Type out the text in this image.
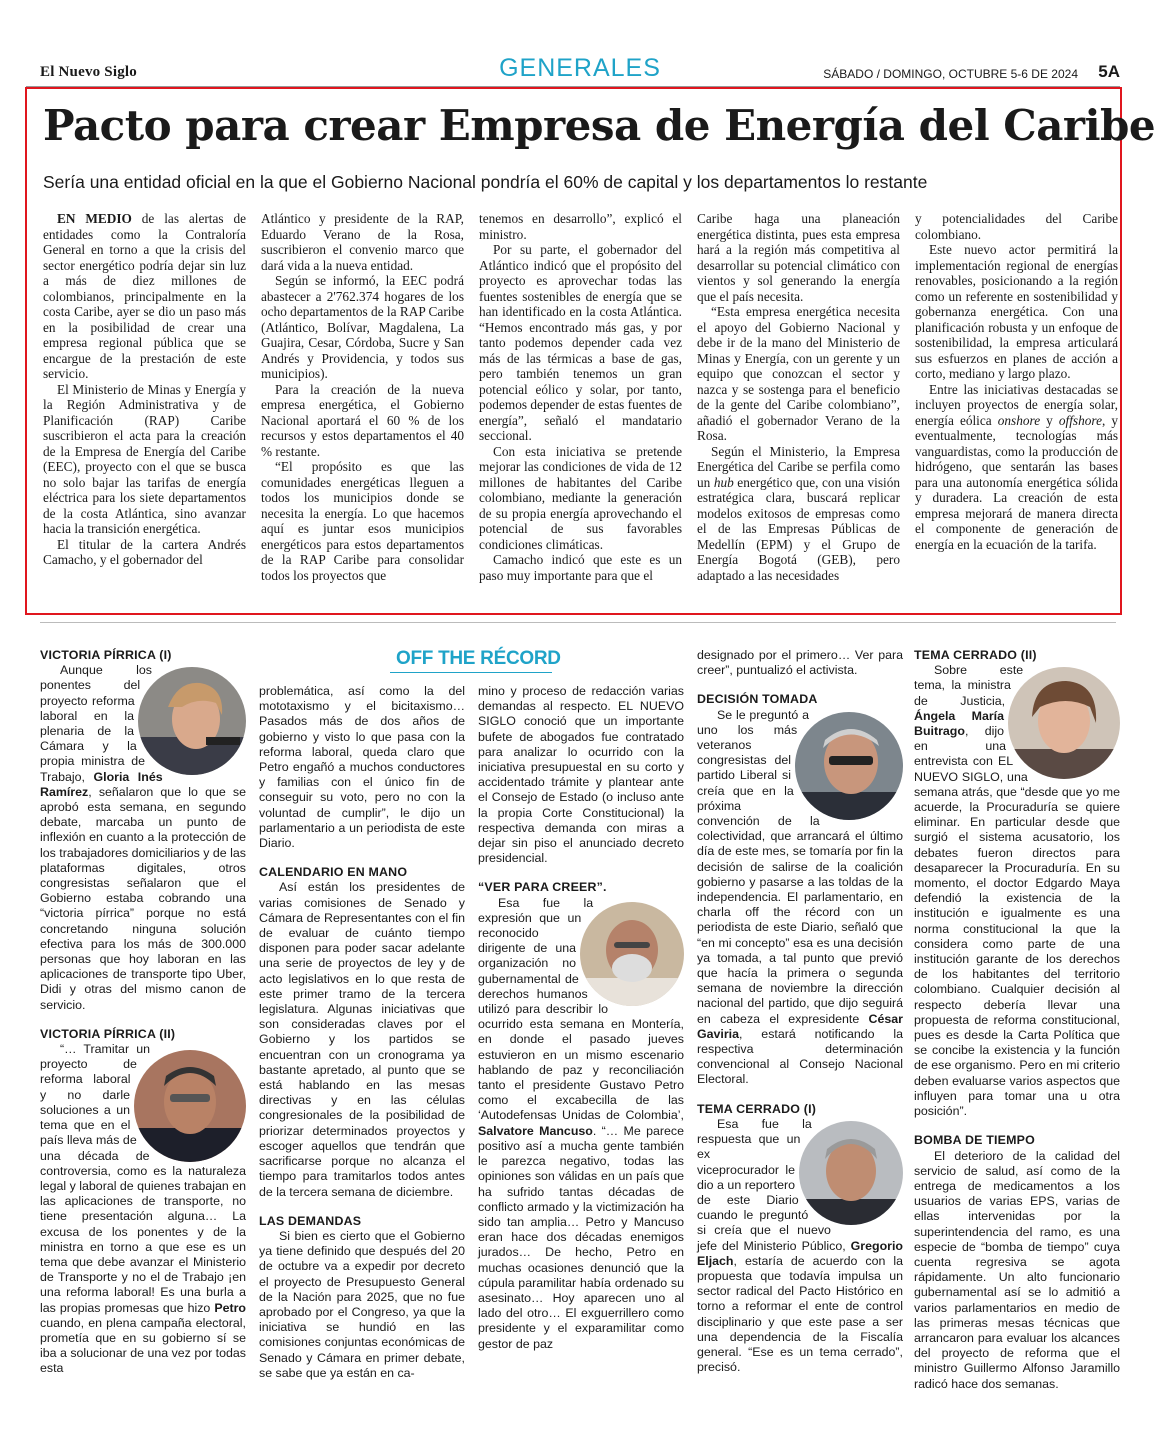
El Nuevo Siglo	GENERALES	SÁBADO / DOMINGO, OCTUBRE 5-6 DE 2024 5A
Pacto para crear Empresa de Energía del Caribe
Sería una entidad oficial en la que el Gobierno Nacional pondría el 60% de capital y los departamentos lo restante

EN MEDIO de las alertas de entidades como la Contraloría General en torno a que la crisis del sector energético podría dejar sin luz a más de diez millones de colombianos, principalmente en la costa Caribe, ayer se dio un paso más en la posibilidad de crear una empresa regional pública que se encargue de la prestación de este servicio.

El Ministerio de Minas y Energía y la Región Administrativa y de Planificación (RAP) Caribe suscribieron el acta para la creación de la Empresa de Energía del Caribe (EEC), proyecto con el que se busca no solo bajar las tarifas de energía eléctrica para los siete departamentos de la costa Atlántica, sino avanzar hacia la transición energética.

El titular de la cartera Andrés Camacho, y el gobernador del

Atlántico y presidente de la RAP, Eduardo Verano de la Rosa, suscribieron el convenio marco que dará vida a la nueva entidad.

Según se informó, la EEC podrá abastecer a 2'762.374 hogares de los ocho departamentos de la RAP Caribe (Atlántico, Bolívar, Magdalena, La Guajira, Cesar, Córdoba, Sucre y San Andrés y Providencia, y todos sus municipios).

Para la creación de la nueva empresa energética, el Gobierno Nacional aportará el 60 % de los recursos y estos departamentos el 40 % restante.

“El propósito es que las comunidades energéticas lleguen a todos los municipios donde se necesita la energía. Lo que hacemos aquí es juntar esos municipios energéticos para estos departamentos de la RAP Caribe para consolidar todos los proyectos que

tenemos en desarrollo”, explicó el ministro.

Por su parte, el gobernador del Atlántico indicó que el propósito del proyecto es aprovechar todas las fuentes sostenibles de energía que se han identificado en la costa Atlántica. “Hemos encontrado más gas, y por tanto podemos depender cada vez más de las térmicas a base de gas, pero también tenemos un gran potencial eólico y solar, por tanto, podemos depender de estas fuentes de energía”, señaló el mandatario seccional.

Con esta iniciativa se pretende mejorar las condiciones de vida de 12 millones de habitantes del Caribe colombiano, mediante la generación de su propia energía aprovechando el potencial de sus favorables condiciones climáticas.

Camacho indicó que este es un paso muy importante para que el

Caribe haga una planeación energética distinta, pues esta empresa hará a la región más competitiva al desarrollar su potencial climático con vientos y sol generando la energía que el país necesita.

“Esta empresa energética necesita el apoyo del Gobierno Nacional y debe ir de la mano del Ministerio de Minas y Energía, con un gerente y un equipo que conozcan el sector y nazca y se sostenga para el beneficio de la gente del Caribe colombiano”, añadió el gobernador Verano de la Rosa.

Según el Ministerio, la Empresa Energética del Caribe se perfila como un hub energético que, con una visión estratégica clara, buscará replicar modelos exitosos de empresas como el de las Empresas Públicas de Medellín (EPM) y el Grupo de Energía Bogotá (GEB), pero adaptado a las necesidades

y potencialidades del Caribe colombiano.

Este nuevo actor permitirá la implementación regional de energías renovables, posicionando a la región como un referente en sostenibilidad y gobernanza energética. Con una planificación robusta y un enfoque de sostenibilidad, la empresa articulará sus esfuerzos en planes de acción a corto, mediano y largo plazo.

Entre las iniciativas destacadas se incluyen proyectos de energía solar, energía eólica onshore y offshore, y eventualmente, tecnologías más vanguardistas, como la producción de hidrógeno, que sentarán las bases para una autonomía energética sólida y duradera. La creación de esta empresa mejorará de manera directa el componente de generación de energía en la ecuación de la tarifa.

OFF THE RÉCORD

VICTORIA PÍRRICA (I)

Aunque los ponentes del proyecto reforma laboral en la plenaria de la Cámara y la propia ministra de Trabajo, Gloria Inés Ramírez, señalaron que lo que se aprobó esta semana, en segundo debate, marcaba un punto de inflexión en cuanto a la protección de los trabajadores domiciliarios y de las plataformas digitales, otros congresistas señalaron que el Gobierno estaba cobrando una “victoria pírrica” porque no está concretando ninguna solución efectiva para los más de 300.000 personas que hoy laboran en las aplicaciones de transporte tipo Uber, Didi y otras del mismo canon de servicio.

VICTORIA PÍRRICA (II)

“… Tramitar un proyecto de reforma laboral y no darle soluciones a un tema que en el país lleva más de una década de controversia, como es la naturaleza legal y laboral de quienes trabajan en las aplicaciones de transporte, no tiene presentación alguna… La excusa de los ponentes y de la ministra en torno a que ese es un tema que debe avanzar el Ministerio de Transporte y no el de Trabajo ¡en una reforma laboral! Es una burla a las propias promesas que hizo Petro cuando, en plena campaña electoral, prometía que en su gobierno sí se iba a solucionar de una vez por todas esta

problemática, así como la del mototaxismo y el bicitaxismo… Pasados más de dos años de gobierno y visto lo que pasa con la reforma laboral, queda claro que Petro engañó a muchos conductores y familias con el único fin de conseguir su voto, pero no con la voluntad de cumplir”, le dijo un parlamentario a un periodista de este Diario.

CALENDARIO EN MANO

Así están los presidentes de varias comisiones de Senado y Cámara de Representantes con el fin de evaluar de cuánto tiempo disponen para poder sacar adelante una serie de proyectos de ley y de acto legislativos en lo que resta de este primer tramo de la tercera legislatura. Algunas iniciativas que son consideradas claves por el Gobierno y los partidos se encuentran con un cronograma ya bastante apretado, al punto que se está hablando en las mesas directivas y en las células congresionales de la posibilidad de priorizar determinados proyectos y escoger aquellos que tendrán que sacrificarse porque no alcanza el tiempo para tramitarlos todos antes de la tercera semana de diciembre.

LAS DEMANDAS

Si bien es cierto que el Gobierno ya tiene definido que después del 20 de octubre va a expedir por decreto el proyecto de Presupuesto General de la Nación para 2025, que no fue aprobado por el Congreso, ya que la iniciativa se hundió en las comisiones conjuntas económicas de Senado y Cámara en primer debate, se sabe que ya están en ca-

mino y proceso de redacción varias demandas al respecto. EL NUEVO SIGLO conoció que un importante bufete de abogados fue contratado para analizar lo ocurrido con la iniciativa presupuestal en su corto y accidentado trámite y plantear ante el Consejo de Estado (o incluso ante la propia Corte Constitucional) la respectiva demanda con miras a dejar sin piso el anunciado decreto presidencial.

“VER PARA CREER”.

Esa fue la expresión que un reconocido dirigente de una organización no gubernamental de derechos humanos utilizó para describir lo ocurrido esta semana en Montería, en donde el pasado jueves estuvieron en un mismo escenario hablando de paz y reconciliación tanto el presidente Gustavo Petro como el excabecilla de las ‘Autodefensas Unidas de Colombia’, Salvatore Mancuso. “… Me parece positivo así a mucha gente también le parezca negativo, todas las opiniones son válidas en un país que ha sufrido tantas décadas de conflicto armado y la victimización ha sido tan amplia… Petro y Mancuso eran hace dos décadas enemigos jurados… De hecho, Petro en muchas ocasiones denunció que la cúpula paramilitar había ordenado su asesinato… Hoy aparecen uno al lado del otro… El exguerrillero como presidente y el exparamilitar como gestor de paz

designado por el primero… Ver para creer”, puntualizó el activista.

DECISIÓN TOMADA

Se le preguntó a uno los más veteranos congresistas del partido Liberal si creía que en la próxima convención de la colectividad, que arrancará el último día de este mes, se tomaría por fin la decisión de salirse de la coalición gobierno y pasarse a las toldas de la independencia. El parlamentario, en charla off the récord con un periodista de este Diario, señaló que “en mi concepto” esa es una decisión ya tomada, a tal punto que previó que hacía la primera o segunda semana de noviembre la dirección nacional del partido, que dijo seguirá en cabeza el expresidente César Gaviria, estará notificando la respectiva determinación convencional al Consejo Nacional Electoral.

TEMA CERRADO (I)

Esa fue la respuesta que un ex viceprocurador le dio a un reportero de este Diario cuando le preguntó si creía que el nuevo jefe del Ministerio Público, Gregorio Eljach, estaría de acuerdo con la propuesta que todavía impulsa un sector radical del Pacto Histórico en torno a reformar el ente de control disciplinario y que este pase a ser una dependencia de la Fiscalía general. “Ese es un tema cerrado”, precisó.

TEMA CERRADO (II)

Sobre este tema, la ministra de Justicia, Ángela María Buitrago, dijo en una entrevista con EL NUEVO SIGLO, una semana atrás, que “desde que yo me acuerde, la Procuraduría se quiere eliminar. En particular desde que surgió el sistema acusatorio, los debates fueron directos para desaparecer la Procuraduría. En su momento, el doctor Edgardo Maya defendió la existencia de la institución e igualmente es una norma constitucional la que la considera como parte de una institución garante de los derechos de los habitantes del territorio colombiano. Cualquier decisión al respecto debería llevar una propuesta de reforma constitucional, pues es desde la Carta Política que se concibe la existencia y la función de ese organismo. Pero en mi criterio deben evaluarse varios aspectos que influyen para tomar una u otra posición”.

BOMBA DE TIEMPO

El deterioro de la calidad del servicio de salud, así como de la entrega de medicamentos a los usuarios de varias EPS, varias de ellas intervenidas por la superintendencia del ramo, es una especie de “bomba de tiempo” cuya cuenta regresiva se agota rápidamente. Un alto funcionario gubernamental así se lo admitió a varios parlamentarios en medio de las primeras mesas técnicas que arrancaron para evaluar los alcances del proyecto de reforma que el ministro Guillermo Alfonso Jaramillo radicó hace dos semanas.
